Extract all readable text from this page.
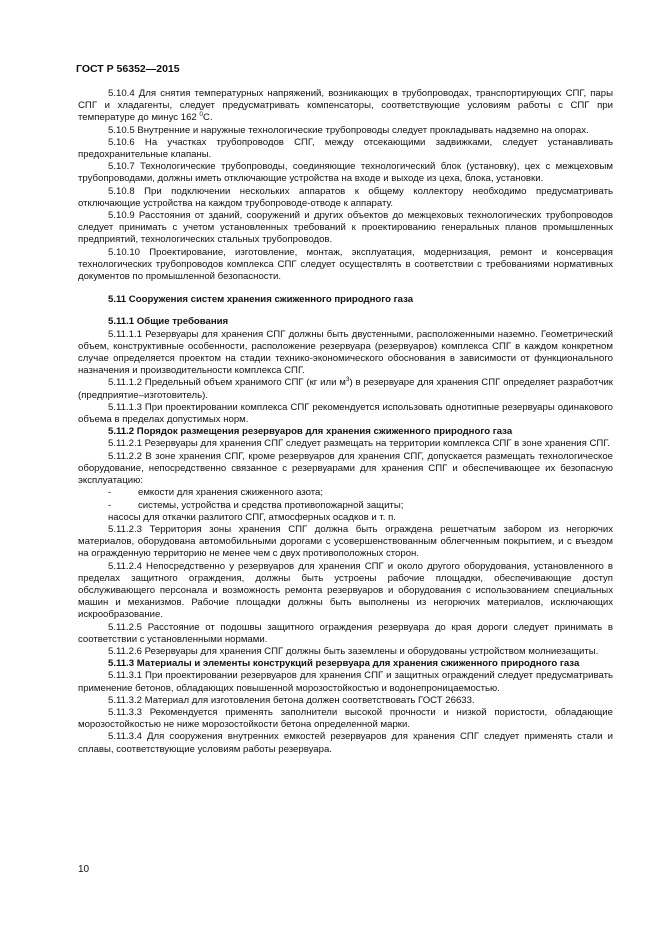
ГОСТ Р 56352—2015

5.10.4 Для снятия температурных напряжений, возникающих в трубопроводах, транспортирующих СПГ, пары СПГ и хладагенты, следует предусматривать компенсаторы, соответствующие условиям работы с СПГ при температуре до минус 162 $^0$С.

5.10.5 Внутренние и наружные технологические трубопроводы следует прокладывать надземно на опорах.

5.10.6 На участках трубопроводов СПГ, между отсекающими задвижками, следует устанавливать предохранительные клапаны.

5.10.7 Технологические трубопроводы, соединяющие технологический блок (установку), цех с межцеховым трубопроводами, должны иметь отключающие устройства на входе и выходе из цеха, блока, установки.

5.10.8 При подключении нескольких аппаратов к общему коллектору необходимо предусматривать отключающие устройства на каждом трубопроводе-отводе к аппарату.

5.10.9 Расстояния от зданий, сооружений и других объектов до межцеховых технологических трубопроводов следует принимать с учетом установленных требований к проектированию генеральных планов промышленных предприятий, технологических стальных трубопроводов.

5.10.10 Проектирование, изготовление, монтаж, эксплуатация, модернизация, ремонт и консервация технологических трубопроводов комплекса СПГ следует осуществлять в соответствии с требованиями нормативных документов по промышленной безопасности.

5.11 Сооружения систем хранения сжиженного природного газа

5.11.1 Общие требования

5.11.1.1 Резервуары для хранения СПГ должны быть двустенными, расположенными наземно. Геометрический объем, конструктивные особенности, расположение резервуара (резервуаров) комплекса СПГ в каждом конкретном случае определяется проектом на стадии технико-экономического обоснования в зависимости от функционального назначения и производительности комплекса СПГ.

5.11.1.2 Предельный объем хранимого СПГ (кг или $м^3$) в резервуаре для хранения СПГ определяет разработчик (предприятие–изготовитель).

5.11.1.3 При проектировании комплекса СПГ рекомендуется использовать однотипные резервуары одинакового объема в пределах допустимых норм.

5.11.2 Порядок размещения резервуаров для хранения сжиженного природного газа

5.11.2.1 Резервуары для хранения СПГ следует размещать на территории комплекса СПГ в зоне хранения СПГ.

5.11.2.2 В зоне хранения СПГ, кроме резервуаров для хранения СПГ, допускается размещать технологическое оборудование, непосредственно связанное с резервуарами для хранения СПГ и обеспечивающее их безопасную эксплуатацию:

-	емкости для хранения сжиженного азота;
-	системы, устройства и средства противопожарной защиты;

насосы для откачки разлитого СПГ, атмосферных осадков и т. п.

5.11.2.3 Территория зоны хранения СПГ должна быть ограждена решетчатым забором из негорючих материалов, оборудована автомобильными дорогами с усовершенствованным облегченным покрытием, и с въездом на огражденную территорию не менее чем с двух противоположных сторон.

5.11.2.4 Непосредственно у резервуаров для хранения СПГ и около другого оборудования, установленного в пределах защитного ограждения, должны быть устроены рабочие площадки, обеспечивающие доступ обслуживающего персонала и возможность ремонта резервуаров и оборудования с использованием специальных машин и механизмов. Рабочие площадки должны быть выполнены из негорючих материалов, исключающих искрообразование.

5.11.2.5 Расстояние от подошвы защитного ограждения резервуара до края дороги следует принимать в соответствии с установленными нормами.

5.11.2.6 Резервуары для хранения СПГ должны быть заземлены и оборудованы устройством молниезащиты.

5.11.3 Материалы и элементы конструкций резервуара для хранения сжиженного природного газа

5.11.3.1 При проектировании резервуаров для хранения СПГ и защитных ограждений следует предусматривать применение бетонов, обладающих повышенной морозостойкостью и водонепроницаемостью.

5.11.3.2 Материал для изготовления бетона должен соответствовать ГОСТ 26633.

5.11.3.3 Рекомендуется применять заполнители высокой прочности и низкой пористости, обладающие морозостойкостью не ниже морозостойкости бетона определенной марки.

5.11.3.4 Для сооружения внутренних емкостей резервуаров для хранения СПГ следует применять стали и сплавы, соответствующие условиям работы резервуара.

10
